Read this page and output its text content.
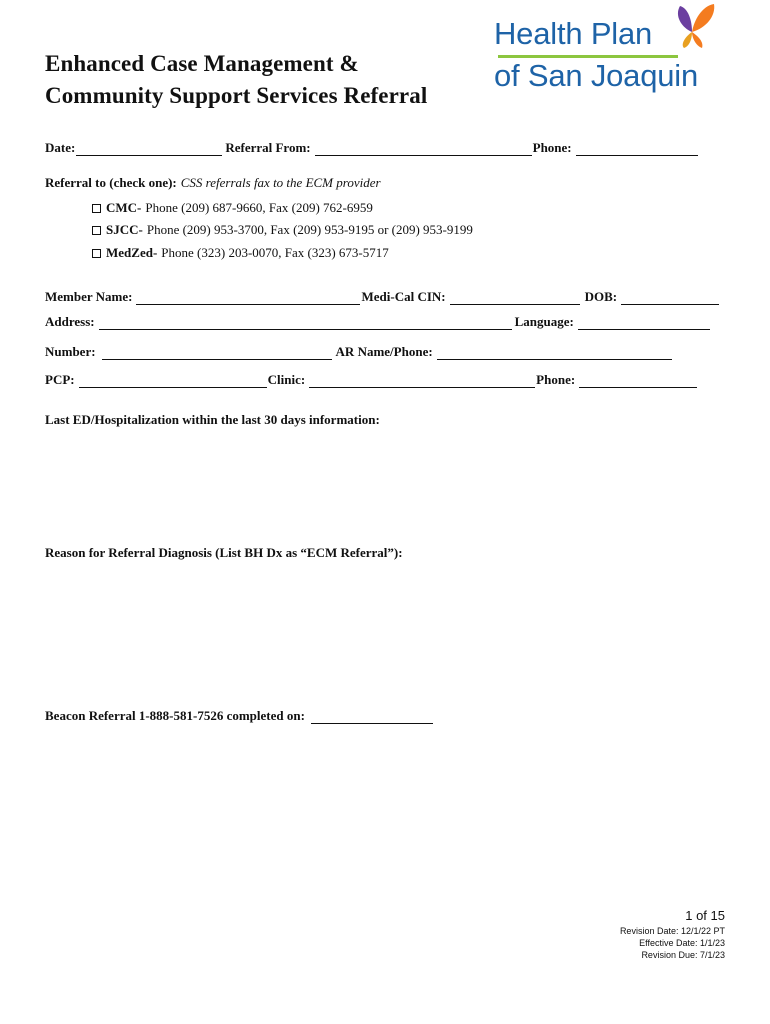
Enhanced Case Management &
Community Support Services Referral
Health Plan
of San Joaquin
Date:	Referral From:	Phone:
Referral to (check one): CSS referrals fax to the ECM provider
CMC- Phone (209) 687-9660, Fax (209) 762-6959
SJCC- Phone (209) 953-3700, Fax (209) 953-9195 or (209) 953-9199
MedZed- Phone (323) 203-0070, Fax (323) 673-5717
Member Name:	Medi-Cal CIN:	DOB:
Address:	Language:
Number:	AR Name/Phone:
PCP:	Clinic:	Phone:
Last ED/Hospitalization within the last 30 days information:
Reason for Referral Diagnosis (List BH Dx as “ECM Referral”):
Beacon Referral 1-888-581-7526 completed on:
1 of 15
Revision Date: 12/1/22 PT
Effective Date: 1/1/23
Revision Due: 7/1/23
